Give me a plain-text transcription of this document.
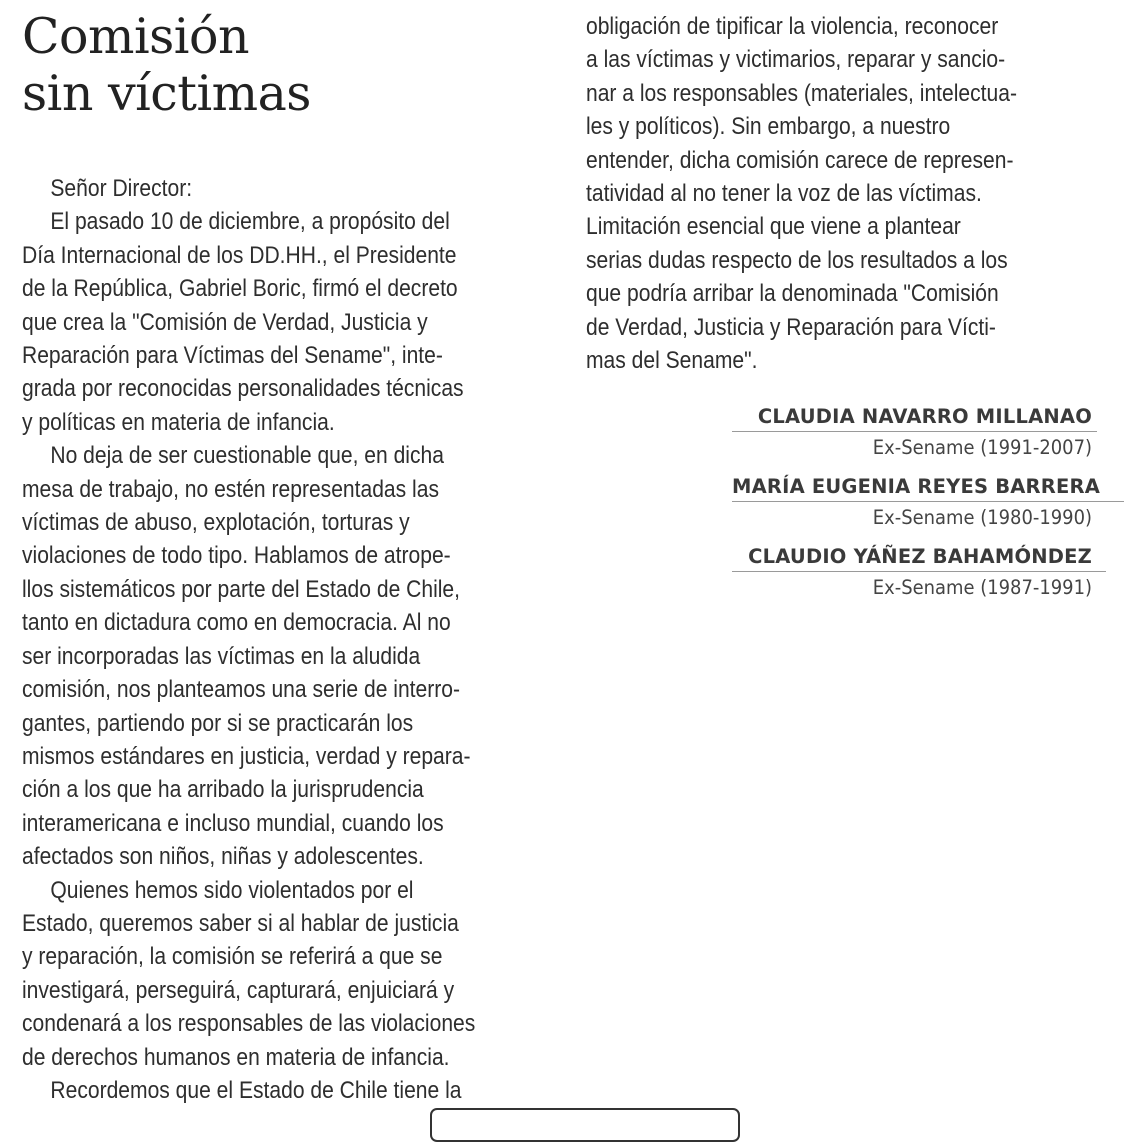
Comisión
sin víctimas
Señor Director:
El pasado 10 de diciembre, a propósito del
Día Internacional de los DD.HH., el Presidente
de la República, Gabriel Boric, firmó el decreto
que crea la "Comisión de Verdad, Justicia y
Reparación para Víctimas del Sename", inte-
grada por reconocidas personalidades técnicas
y políticas en materia de infancia.
No deja de ser cuestionable que, en dicha
mesa de trabajo, no estén representadas las
víctimas de abuso, explotación, torturas y
violaciones de todo tipo. Hablamos de atrope-
llos sistemáticos por parte del Estado de Chile,
tanto en dictadura como en democracia. Al no
ser incorporadas las víctimas en la aludida
comisión, nos planteamos una serie de interro-
gantes, partiendo por si se practicarán los
mismos estándares en justicia, verdad y repara-
ción a los que ha arribado la jurisprudencia
interamericana e incluso mundial, cuando los
afectados son niños, niñas y adolescentes.
Quienes hemos sido violentados por el
Estado, queremos saber si al hablar de justicia
y reparación, la comisión se referirá a que se
investigará, perseguirá, capturará, enjuiciará y
condenará a los responsables de las violaciones
de derechos humanos en materia de infancia.
Recordemos que el Estado de Chile tiene la
obligación de tipificar la violencia, reconocer
a las víctimas y victimarios, reparar y sancio-
nar a los responsables (materiales, intelectua-
les y políticos). Sin embargo, a nuestro
entender, dicha comisión carece de represen-
tatividad al no tener la voz de las víctimas.
Limitación esencial que viene a plantear
serias dudas respecto de los resultados a los
que podría arribar la denominada "Comisión
de Verdad, Justicia y Reparación para Vícti-
mas del Sename".
CLAUDIA NAVARRO MILLANAO
Ex-Sename (1991-2007)
MARÍA EUGENIA REYES BARRERA
Ex-Sename (1980-1990)
CLAUDIO YÁÑEZ BAHAMÓNDEZ
Ex-Sename (1987-1991)
